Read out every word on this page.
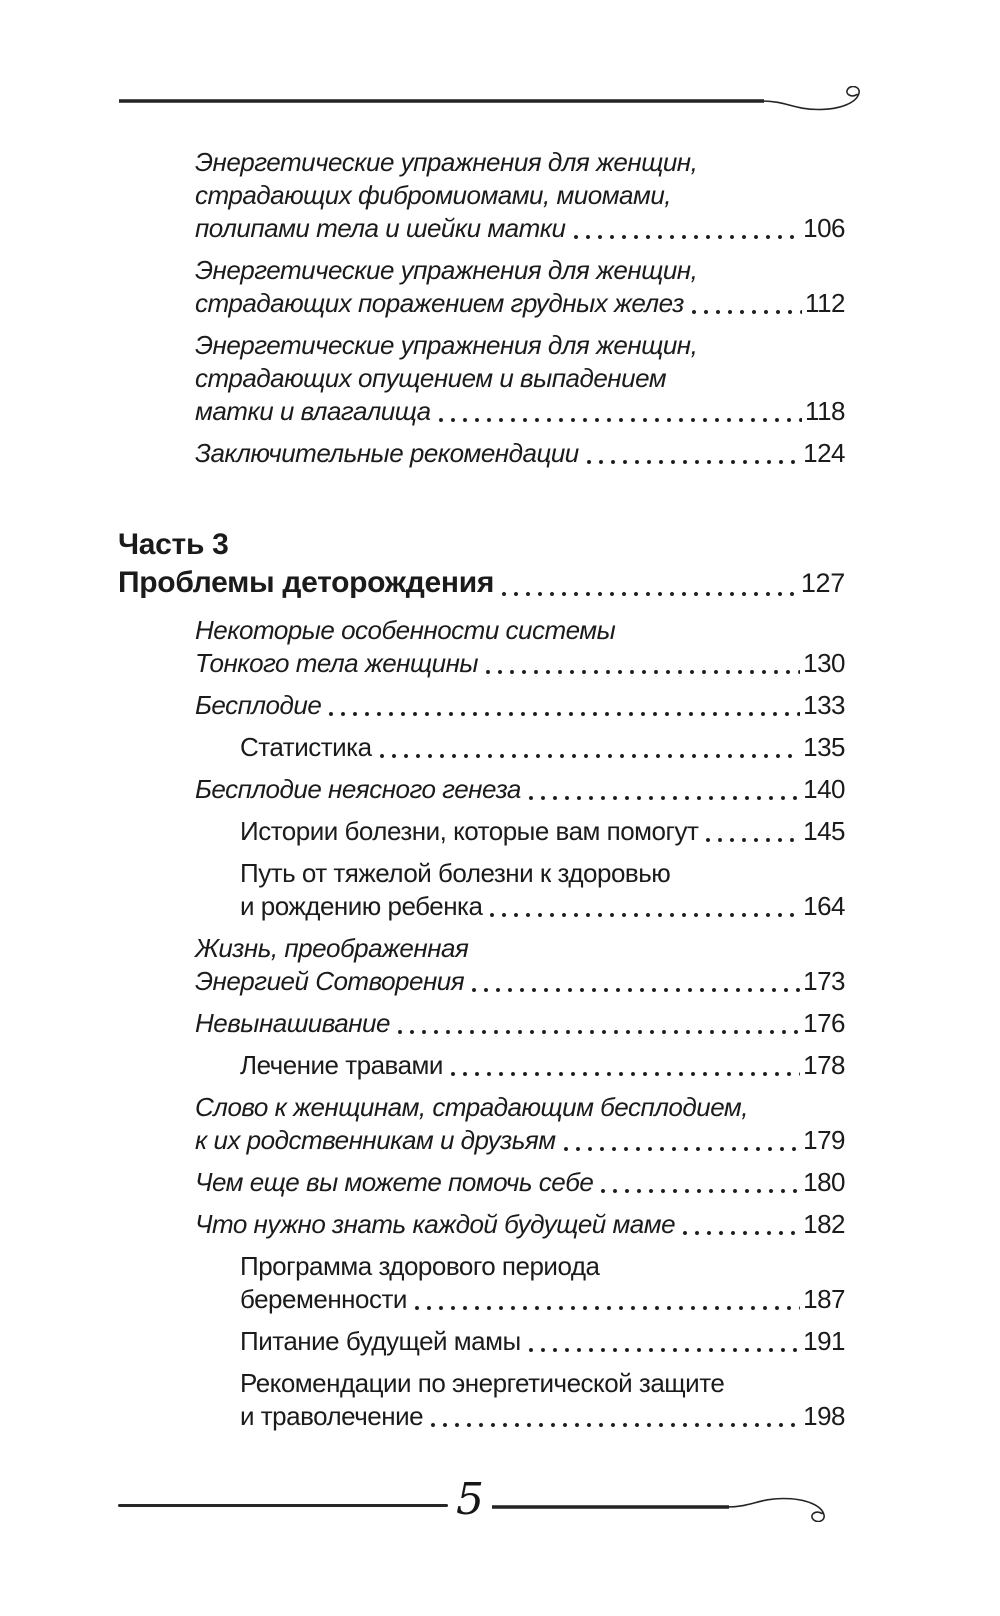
Энергетические упражнения для женщин,
страдающих фибромиомами, миомами,
полипами тела и шейки матки	106
Энергетические упражнения для женщин,
страдающих поражением грудных желез	112
Энергетические упражнения для женщин,
страдающих опущением и выпадением
матки и влагалища	118
Заключительные рекомендации	124
Часть 3
Проблемы деторождения	127
Некоторые особенности системы
Тонкого тела женщины	130
Бесплодие	133
Статистика	135
Бесплодие неясного генеза	140
Истории болезни, которые вам помогут	145
Путь от тяжелой болезни к здоровью
и рождению ребенка	164
Жизнь, преображенная
Энергией Сотворения	173
Невынашивание	176
Лечение травами	178
Слово к женщинам, страдающим бесплодием,
к их родственникам и друзьям	179
Чем еще вы можете помочь себе	180
Что нужно знать каждой будущей маме	182
Программа здорового периода
беременности	187
Питание будущей мамы	191
Рекомендации по энергетической защите
и траволечение	198
5
